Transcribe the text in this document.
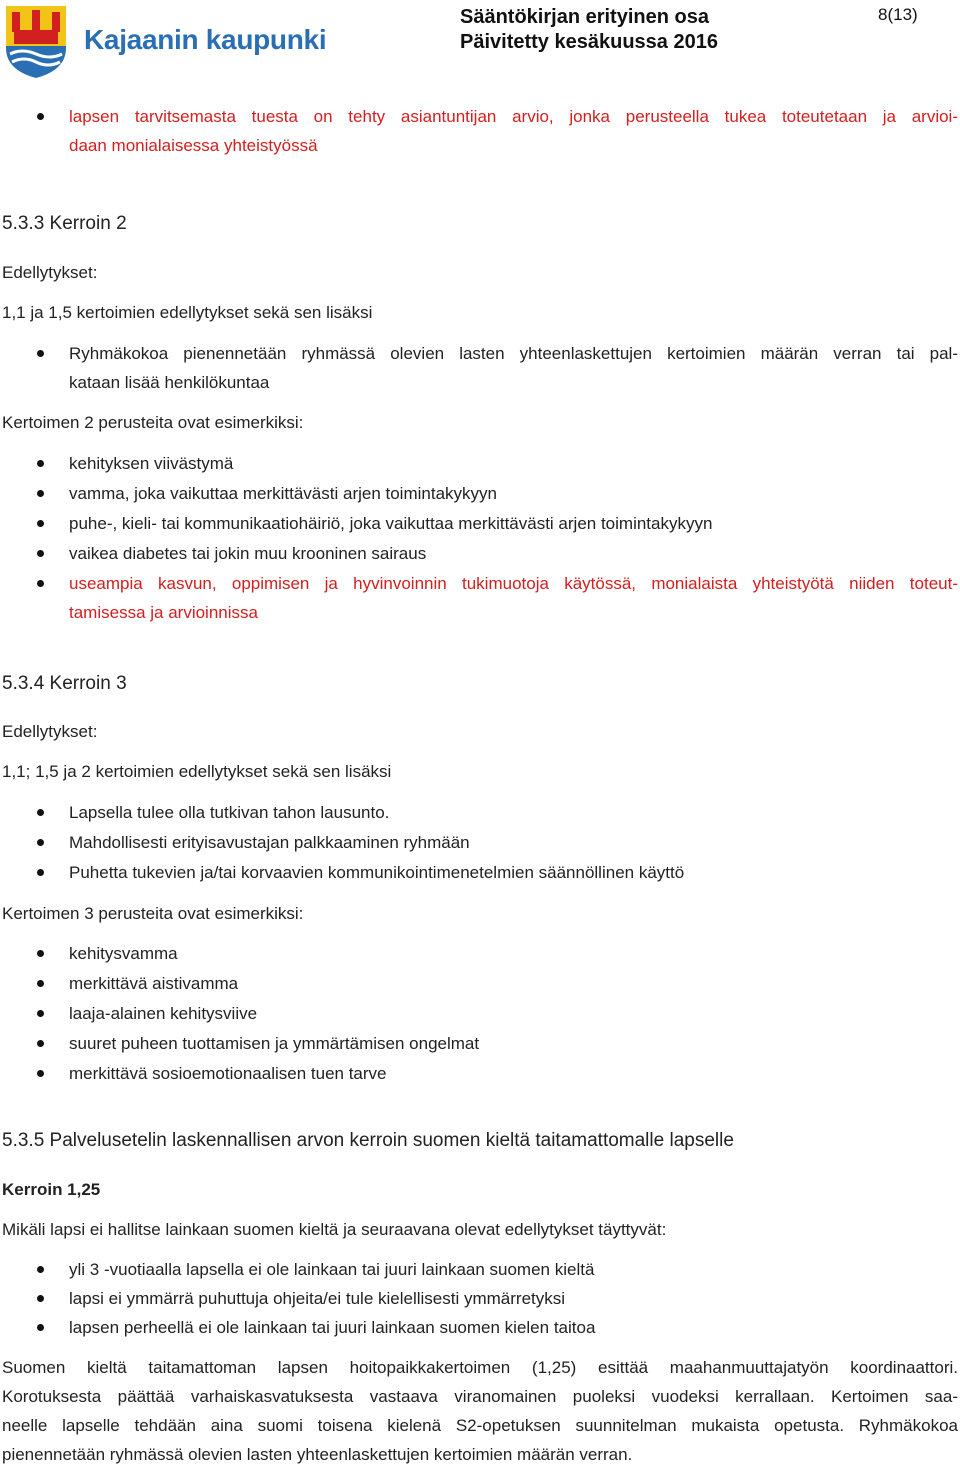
Kajaanin kaupunki
Sääntökirjan erityinen osa
Päivitetty kesäkuussa 2016
8(13)
lapsen tarvitsemasta tuesta on tehty asiantuntijan arvio, jonka perusteella tukea toteutetaan ja arvioi-
daan monialaisessa yhteistyössä
5.3.3 Kerroin 2
Edellytykset:
1,1 ja 1,5 kertoimien edellytykset sekä sen lisäksi
Ryhmäkokoa pienennetään ryhmässä olevien lasten yhteenlaskettujen kertoimien määrän verran tai pal-
kataan lisää henkilökuntaa
Kertoimen 2 perusteita ovat esimerkiksi:
kehityksen viivästymä
vamma, joka vaikuttaa merkittävästi arjen toimintakykyyn
puhe-, kieli- tai kommunikaatiohäiriö, joka vaikuttaa merkittävästi arjen toimintakykyyn
vaikea diabetes tai jokin muu krooninen sairaus
useampia kasvun, oppimisen ja hyvinvoinnin tukimuotoja käytössä, monialaista yhteistyötä niiden toteut-
tamisessa ja arvioinnissa
5.3.4 Kerroin 3
Edellytykset:
1,1; 1,5 ja 2 kertoimien edellytykset sekä sen lisäksi
Lapsella tulee olla tutkivan tahon lausunto.
Mahdollisesti erityisavustajan palkkaaminen ryhmään
Puhetta tukevien ja/tai korvaavien kommunikointimenetelmien säännöllinen käyttö
Kertoimen 3 perusteita ovat esimerkiksi:
kehitysvamma
merkittävä aistivamma
laaja-alainen kehitysviive
suuret puheen tuottamisen ja ymmärtämisen ongelmat
merkittävä sosioemotionaalisen tuen tarve
5.3.5 Palvelusetelin laskennallisen arvon kerroin suomen kieltä taitamattomalle lapselle
Kerroin 1,25
Mikäli lapsi ei hallitse lainkaan suomen kieltä ja seuraavana olevat edellytykset täyttyvät:
yli 3 -vuotiaalla lapsella ei ole lainkaan tai juuri lainkaan suomen kieltä
lapsi ei ymmärrä puhuttuja ohjeita/ei tule kielellisesti ymmärretyksi
lapsen perheellä ei ole lainkaan tai juuri lainkaan suomen kielen taitoa
Suomen kieltä taitamattoman lapsen hoitopaikkakertoimen (1,25) esittää maahanmuuttajatyön koordinaattori.
Korotuksesta päättää varhaiskasvatuksesta vastaava viranomainen puoleksi vuodeksi kerrallaan. Kertoimen saa-
neelle lapselle tehdään aina suomi toisena kielenä S2-opetuksen suunnitelman mukaista opetusta. Ryhmäkokoa
pienennetään ryhmässä olevien lasten yhteenlaskettujen kertoimien määrän verran.
